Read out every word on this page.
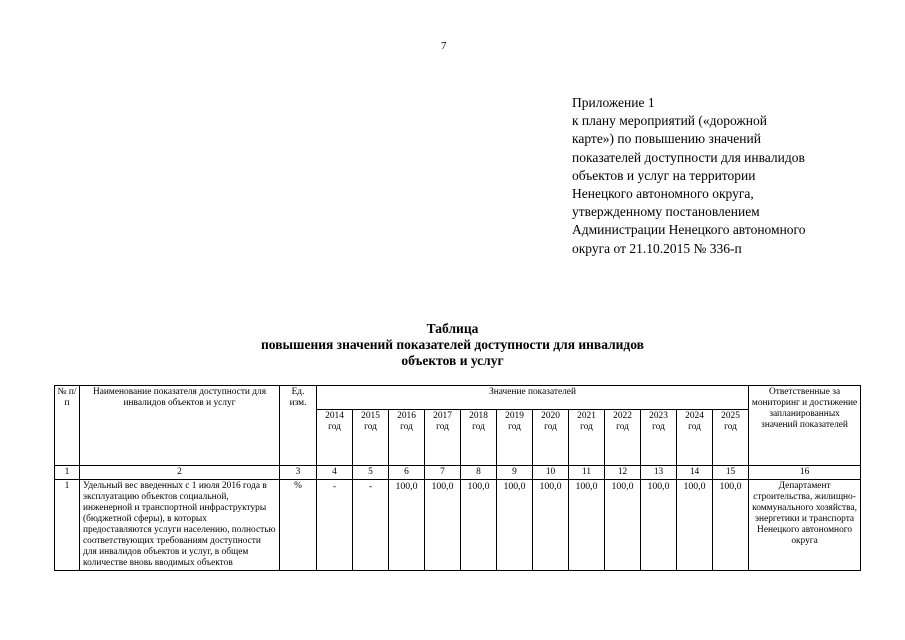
7
Приложение 1
к плану мероприятий («дорожной
карте») по повышению значений
показателей доступности для инвалидов
объектов и услуг на территории
Ненецкого автономного округа,
утвержденному постановлением
Администрации Ненецкого автономного
округа от 21.10.2015 № 336-п
Таблица
повышения значений показателей доступности для инвалидов
объектов и услуг
№ п/п	Наименование показателя доступности для инвалидов объектов и услуг	Ед. изм.	Значение показателей												Ответственные за мониторинг и достижение запланированных значений показателей
			2014 год	2015 год	2016 год	2017 год	2018 год	2019 год	2020 год	2021 год	2022 год	2023 год	2024 год	2025 год	
1	2	3	4	5	6	7	8	9	10	11	12	13	14	15	16
1	Удельный вес введенных с 1 июля 2016 года в эксплуатацию объектов социальной, инженерной и транспортной инфраструктуры (бюджетной сферы), в которых предоставляются услуги населению, полностью соответствующих требованиям доступности для инвалидов объектов и услуг, в общем количестве вновь вводимых объектов	%	-	-	100,0	100,0	100,0	100,0	100,0	100,0	100,0	100,0	100,0	100,0	Департамент строительства, жилищно-коммунального хозяйства, энергетики и транспорта Ненецкого автономного округа
